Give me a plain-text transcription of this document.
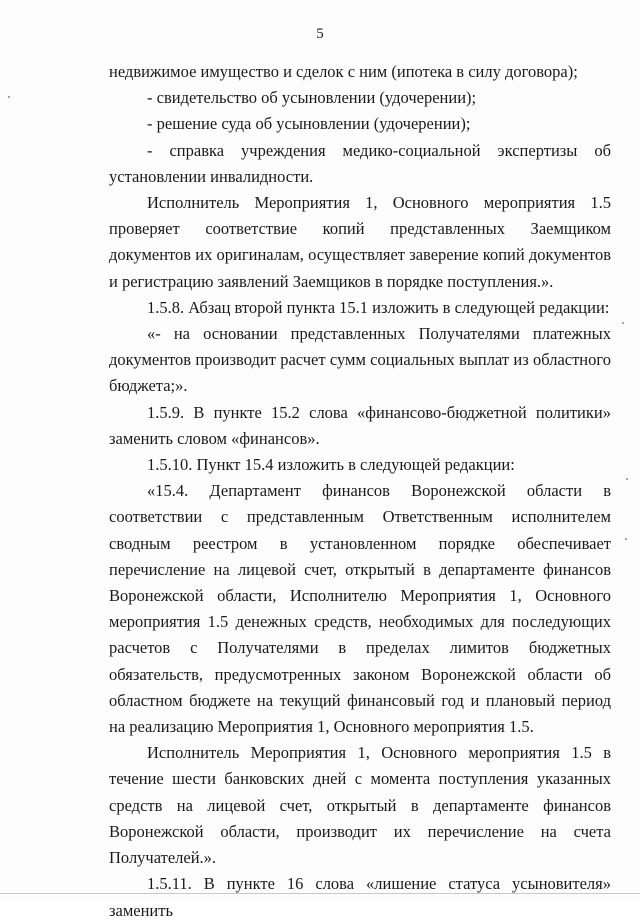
5

недвижимое имущество и сделок с ним (ипотека в силу договора);

- свидетельство об усыновлении (удочерении);

- решение суда об усыновлении (удочерении);

- справка учреждения медико-социальной экспертизы об установлении инвалидности.

Исполнитель Мероприятия 1, Основного мероприятия 1.5 проверяет соответствие копий представленных Заемщиком документов их оригиналам, осуществляет заверение копий документов и регистрацию заявлений Заемщиков в порядке поступления.».

1.5.8. Абзац второй пункта 15.1 изложить в следующей редакции:

«- на основании представленных Получателями платежных документов производит расчет сумм социальных выплат из областного бюджета;».

1.5.9. В пункте 15.2 слова «финансово-бюджетной политики» заменить словом «финансов».

1.5.10. Пункт 15.4 изложить в следующей редакции:

«15.4. Департамент финансов Воронежской области в соответствии с представленным Ответственным исполнителем сводным реестром в установленном порядке обеспечивает перечисление на лицевой счет, открытый в департаменте финансов Воронежской области, Исполнителю Мероприятия 1, Основного мероприятия 1.5 денежных средств, необходимых для последующих расчетов с Получателями в пределах лимитов бюджетных обязательств, предусмотренных законом Воронежской области об областном бюджете на текущий финансовый год и плановый период на реализацию Мероприятия 1, Основного мероприятия 1.5.

Исполнитель Мероприятия 1, Основного мероприятия 1.5 в течение шести банковских дней с момента поступления указанных средств на лицевой счет, открытый в департаменте финансов Воронежской области, производит их перечисление на счета Получателей.».

1.5.11. В пункте 16 слова «лишение статуса усыновителя» заменить
